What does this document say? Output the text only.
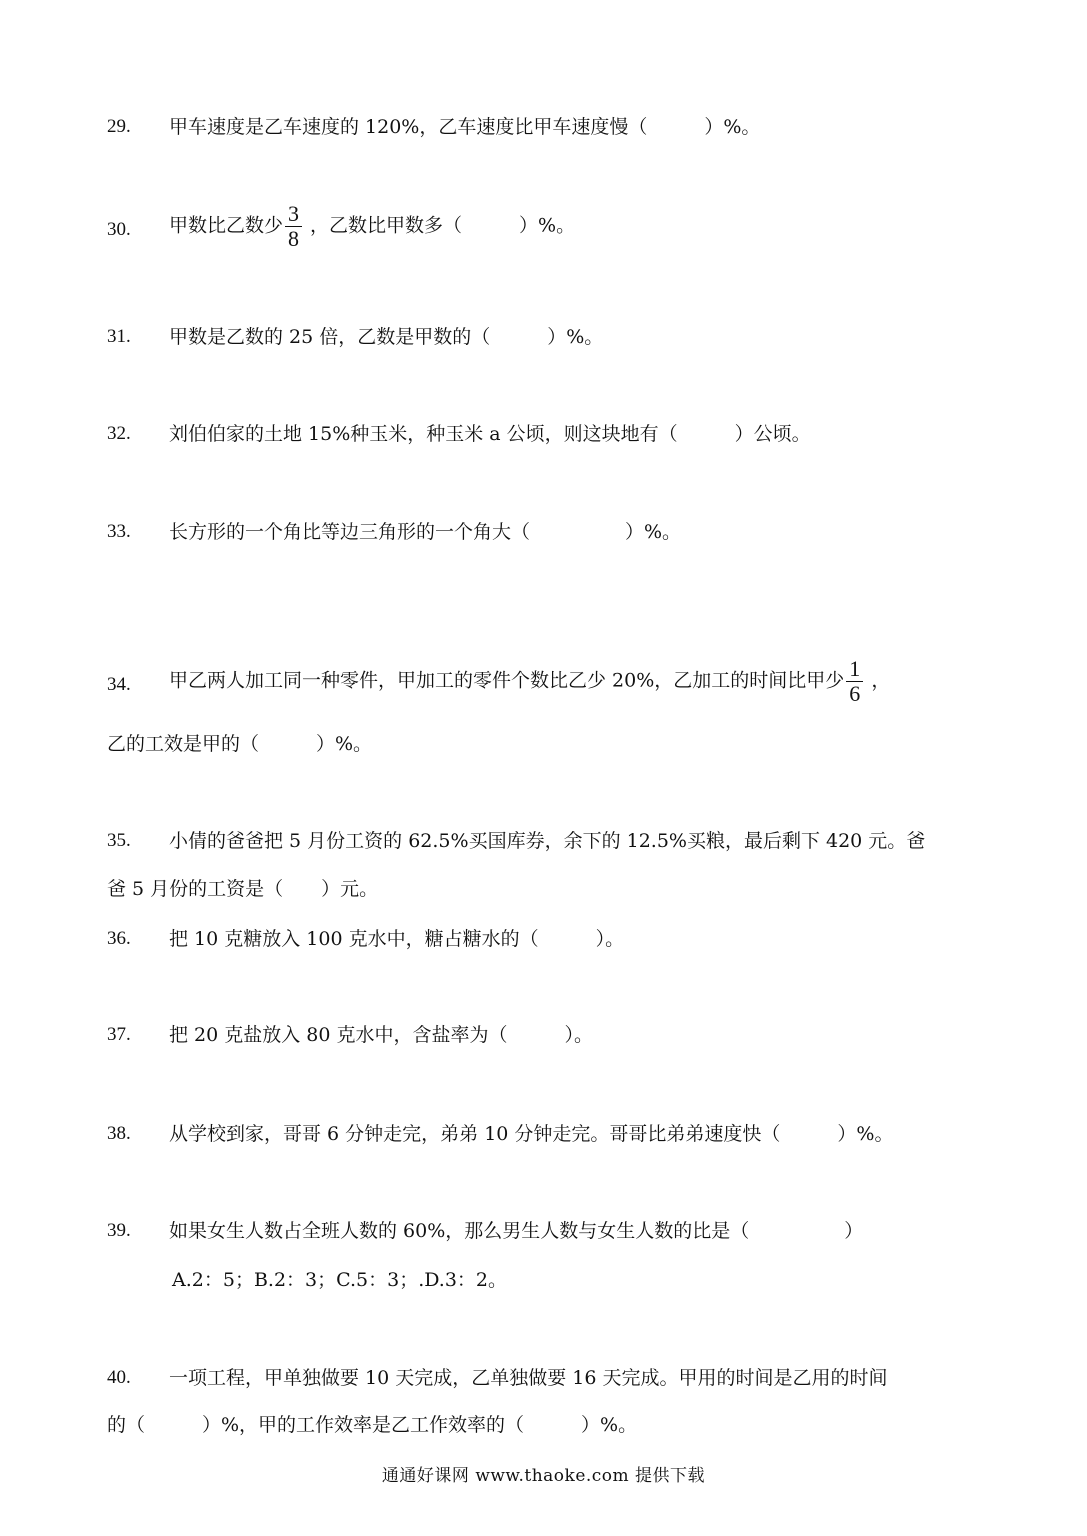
29. 甲车速度是乙车速度的 120%，乙车速度比甲车速度慢（　　　）%。
30. 甲数比乙数少 $\frac{3}{8}$ ，乙数比甲数多（　　　）%。
31. 甲数是乙数的 25 倍，乙数是甲数的（　　　）%。
32. 刘伯伯家的土地 15%种玉米，种玉米 a 公顷，则这块地有（　　　）公顷。
33. 长方形的一个角比等边三角形的一个角大（　　　　　）%。
34. 甲乙两人加工同一种零件，甲加工的零件个数比乙少 20%，乙加工的时间比甲少 $\frac{1}{6}$ ，
乙的工效是甲的（　　　）%。
35. 小倩的爸爸把 5 月份工资的 62.5%买国库券，余下的 12.5%买粮，最后剩下 420 元。爸
爸 5 月份的工资是（　　）元。
36. 把 10 克糖放入 100 克水中，糖占糖水的（　　　）。
37. 把 20 克盐放入 80 克水中，含盐率为（　　　）。
38. 从学校到家，哥哥 6 分钟走完，弟弟 10 分钟走完。哥哥比弟弟速度快（　　　）%。
39. 如果女生人数占全班人数的 60%，那么男生人数与女生人数的比是（　　　　　）
A.2：5；B.2：3；C.5：3；.D.3：2。
40. 一项工程，甲单独做要 10 天完成，乙单独做要 16 天完成。甲用的时间是乙用的时间
的（　　　）%，甲的工作效率是乙工作效率的（　　　）%。
通通好课网 www.thaoke.com 提供下载
